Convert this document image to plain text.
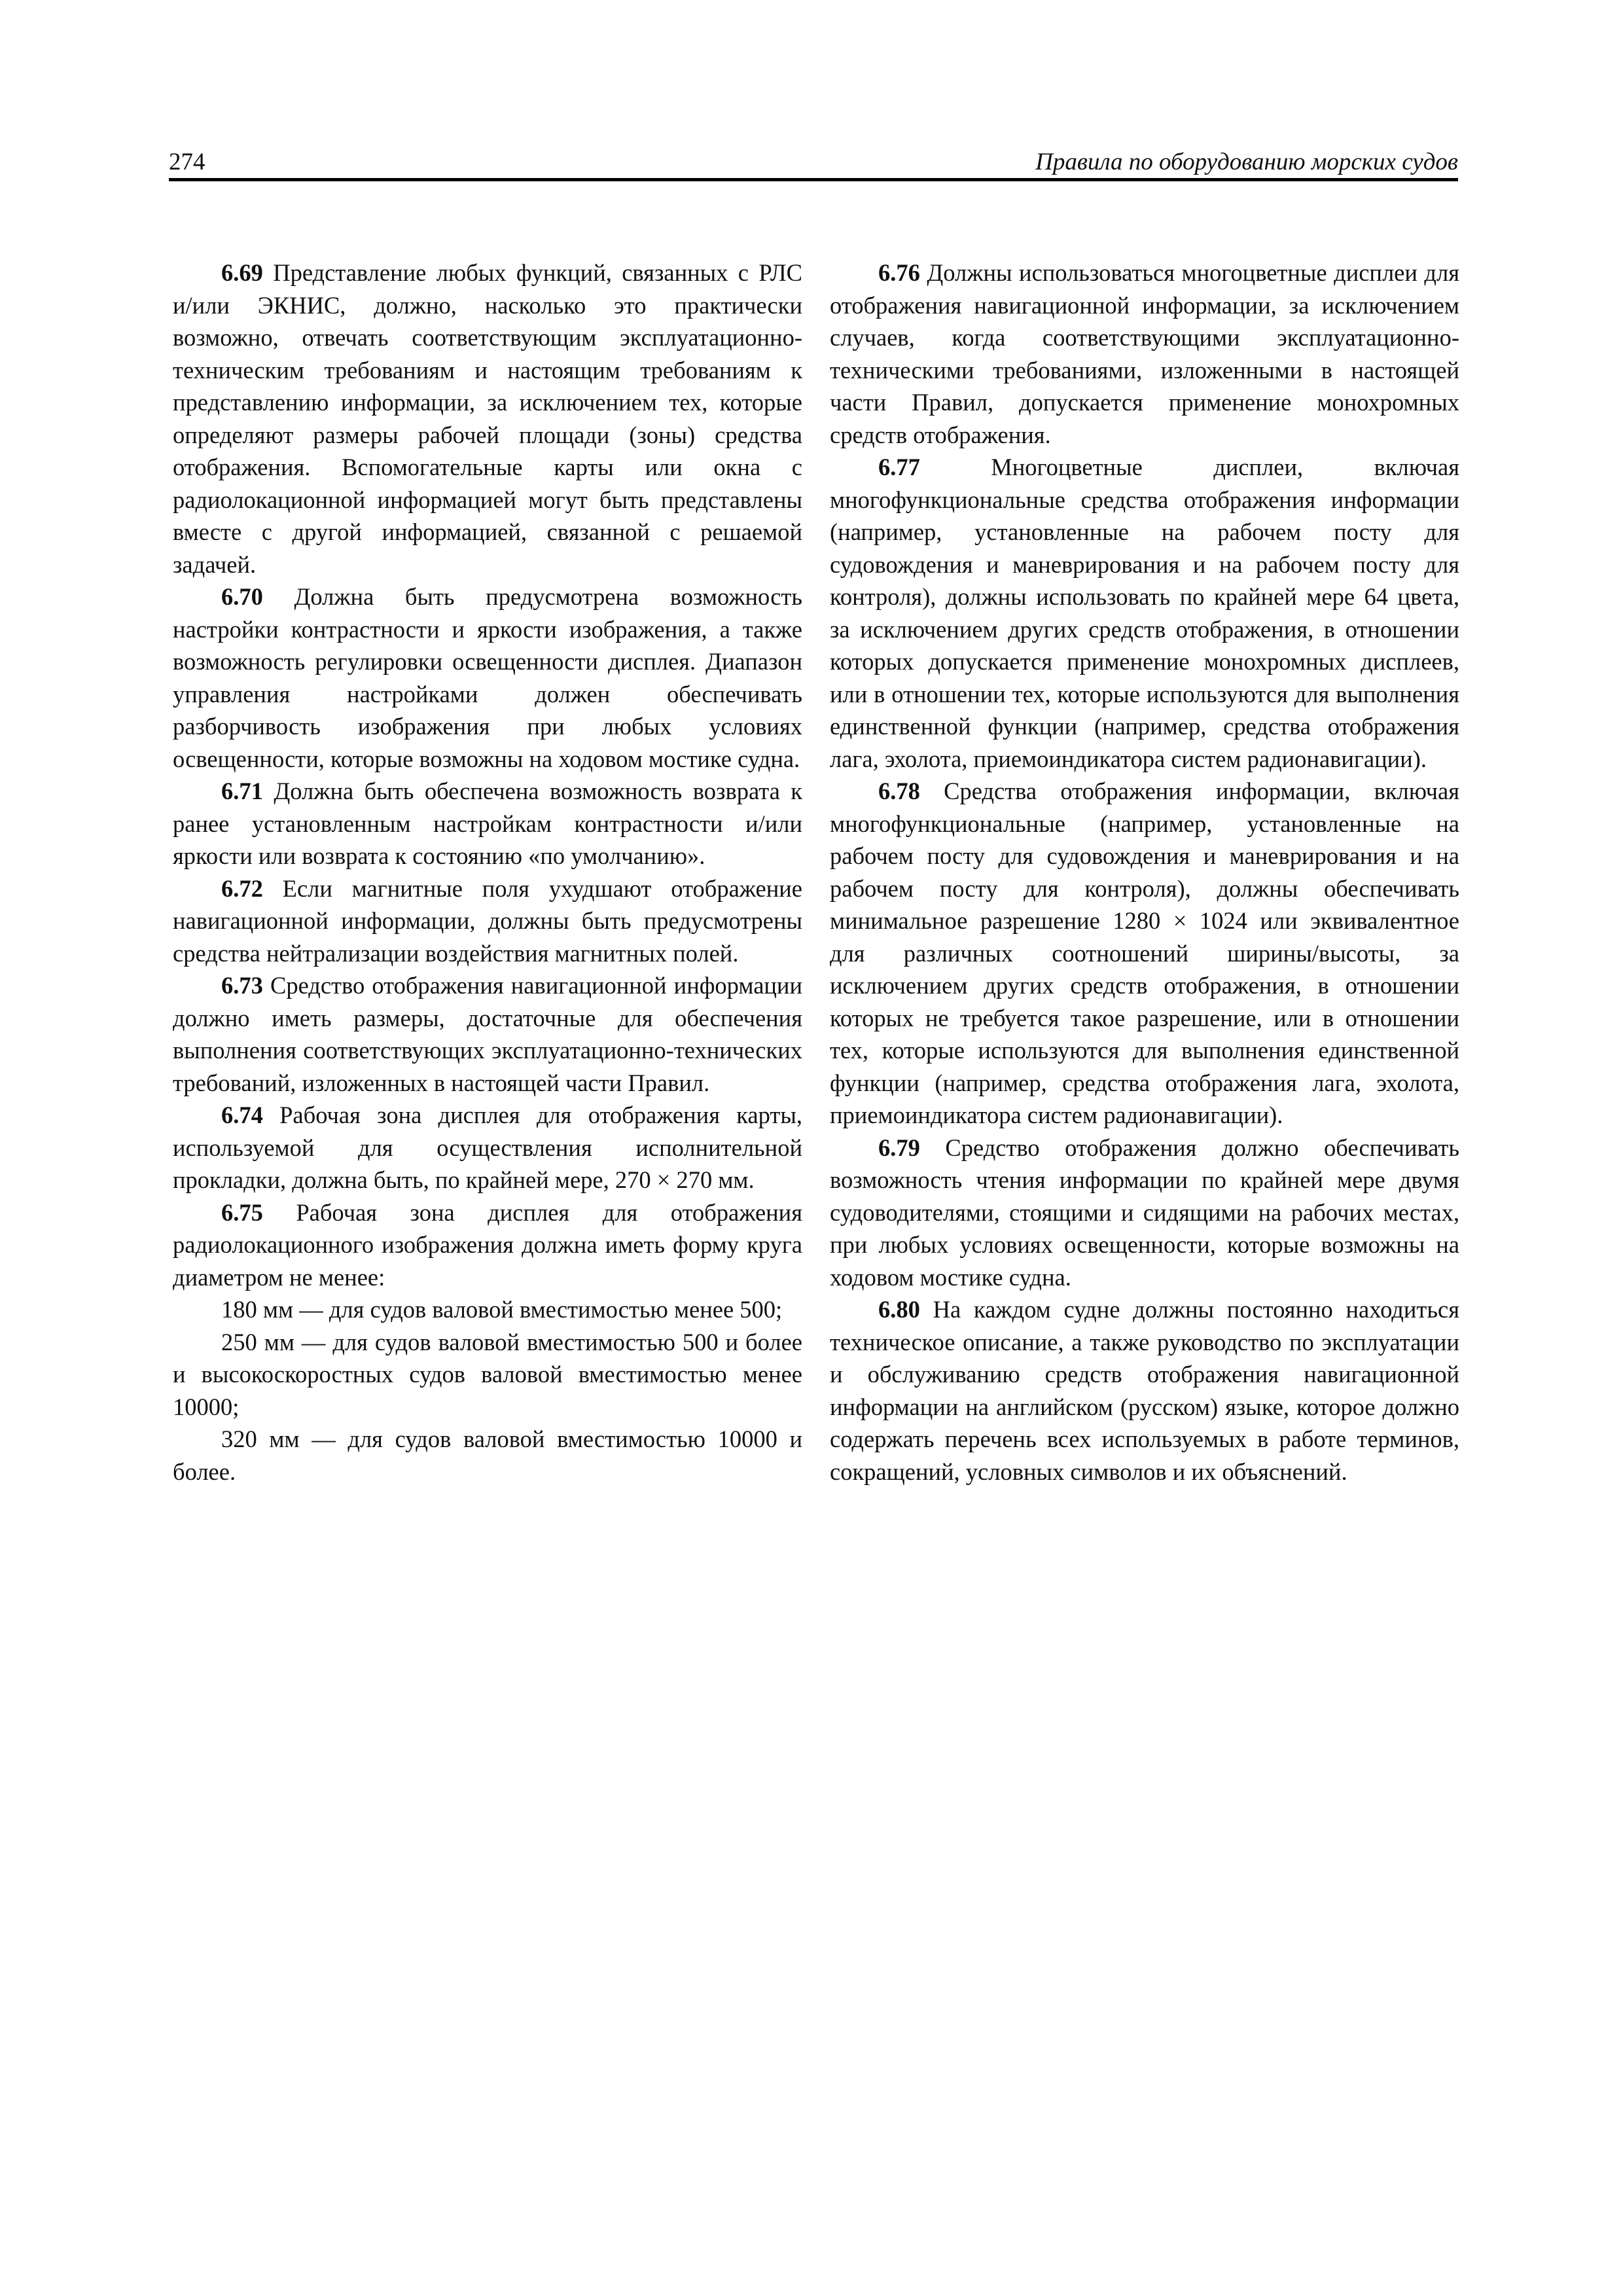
274	Правила по оборудованию морских судов

6.69 Представление любых функций, связанных с РЛС и/или ЭКНИС, должно, насколько это практически возможно, отвечать соответствующим эксплуатационно-техническим требованиям и настоящим требованиям к представлению информации, за исключением тех, которые определяют размеры рабочей площади (зоны) средства отображения. Вспомогательные карты или окна с радиолокационной информацией могут быть представлены вместе с другой информацией, связанной с решаемой задачей.

6.70 Должна быть предусмотрена возможность настройки контрастности и яркости изображения, а также возможность регулировки освещенности дисплея. Диапазон управления настройками должен обеспечивать разборчивость изображения при любых условиях освещенности, которые возможны на ходовом мостике судна.

6.71 Должна быть обеспечена возможность возврата к ранее установленным настройкам контрастности и/или яркости или возврата к состоянию «по умолчанию».

6.72 Если магнитные поля ухудшают отображение навигационной информации, должны быть предусмотрены средства нейтрализации воздействия магнитных полей.

6.73 Средство отображения навигационной информации должно иметь размеры, достаточные для обеспечения выполнения соответствующих эксплуатационно-технических требований, изложенных в настоящей части Правил.

6.74 Рабочая зона дисплея для отображения карты, используемой для осуществления исполнительной прокладки, должна быть, по крайней мере, 270 × 270 мм.

6.75 Рабочая зона дисплея для отображения радиолокационного изображения должна иметь форму круга диаметром не менее:

180 мм — для судов валовой вместимостью менее 500;

250 мм — для судов валовой вместимостью 500 и более и высокоскоростных судов валовой вместимостью менее 10000;

320 мм — для судов валовой вместимостью 10000 и более.

6.76 Должны использоваться многоцветные дисплеи для отображения навигационной информации, за исключением случаев, когда соответствующими эксплуатационно-техническими требованиями, изложенными в настоящей части Правил, допускается применение монохромных средств отображения.

6.77 Многоцветные дисплеи, включая многофункциональные средства отображения информации (например, установленные на рабочем посту для судовождения и маневрирования и на рабочем посту для контроля), должны использовать по крайней мере 64 цвета, за исключением других средств отображения, в отношении которых допускается применение монохромных дисплеев, или в отношении тех, которые используются для выполнения единственной функции (например, средства отображения лага, эхолота, приемоиндикатора систем радионавигации).

6.78 Средства отображения информации, включая многофункциональные (например, установленные на рабочем посту для судовождения и маневрирования и на рабочем посту для контроля), должны обеспечивать минимальное разрешение 1280 × 1024 или эквивалентное для различных соотношений ширины/высоты, за исключением других средств отображения, в отношении которых не требуется такое разрешение, или в отношении тех, которые используются для выполнения единственной функции (например, средства отображения лага, эхолота, приемоиндикатора систем радионавигации).

6.79 Средство отображения должно обеспечивать возможность чтения информации по крайней мере двумя судоводителями, стоящими и сидящими на рабочих местах, при любых условиях освещенности, которые возможны на ходовом мостике судна.

6.80 На каждом судне должны постоянно находиться техническое описание, а также руководство по эксплуатации и обслуживанию средств отображения навигационной информации на английском (русском) языке, которое должно содержать перечень всех используемых в работе терминов, сокращений, условных символов и их объяснений.
